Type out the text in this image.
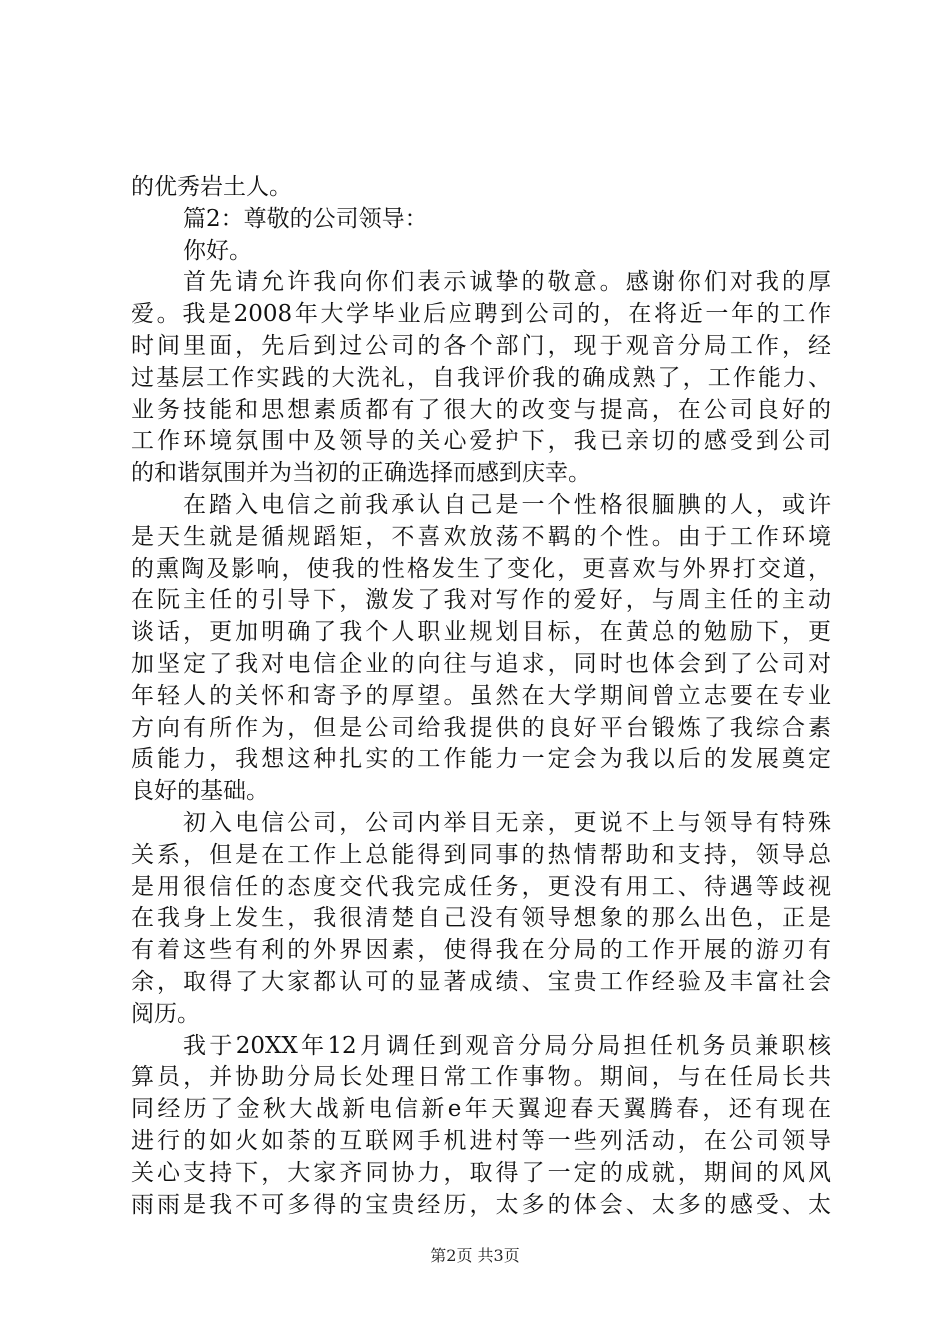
的优秀岩土人。
篇2：尊敬的公司领导：
你好。
首先请允许我向你们表示诚挚的敬意。感谢你们对我的厚
爱。我是2008年大学毕业后应聘到公司的，在将近一年的工作
时间里面，先后到过公司的各个部门，现于观音分局工作，经
过基层工作实践的大洗礼，自我评价我的确成熟了，工作能力、
业务技能和思想素质都有了很大的改变与提高，在公司良好的
工作环境氛围中及领导的关心爱护下，我已亲切的感受到公司
的和谐氛围并为当初的正确选择而感到庆幸。
在踏入电信之前我承认自己是一个性格很腼腆的人，或许
是天生就是循规蹈矩，不喜欢放荡不羁的个性。由于工作环境
的熏陶及影响，使我的性格发生了变化，更喜欢与外界打交道，
在阮主任的引导下，激发了我对写作的爱好，与周主任的主动
谈话，更加明确了我个人职业规划目标，在黄总的勉励下，更
加坚定了我对电信企业的向往与追求，同时也体会到了公司对
年轻人的关怀和寄予的厚望。虽然在大学期间曾立志要在专业
方向有所作为，但是公司给我提供的良好平台锻炼了我综合素
质能力，我想这种扎实的工作能力一定会为我以后的发展奠定
良好的基础。
初入电信公司，公司内举目无亲，更说不上与领导有特殊
关系，但是在工作上总能得到同事的热情帮助和支持，领导总
是用很信任的态度交代我完成任务，更没有用工、待遇等歧视
在我身上发生，我很清楚自己没有领导想象的那么出色，正是
有着这些有利的外界因素，使得我在分局的工作开展的游刃有
余，取得了大家都认可的显著成绩、宝贵工作经验及丰富社会
阅历。
我于20XX年12月调任到观音分局分局担任机务员兼职核
算员，并协助分局长处理日常工作事物。期间，与在任局长共
同经历了金秋大战新电信新e年天翼迎春天翼腾春，还有现在
进行的如火如荼的互联网手机进村等一些列活动，在公司领导
关心支持下，大家齐同协力，取得了一定的成就，期间的风风
雨雨是我不可多得的宝贵经历，太多的体会、太多的感受、太
第2页 共3页
